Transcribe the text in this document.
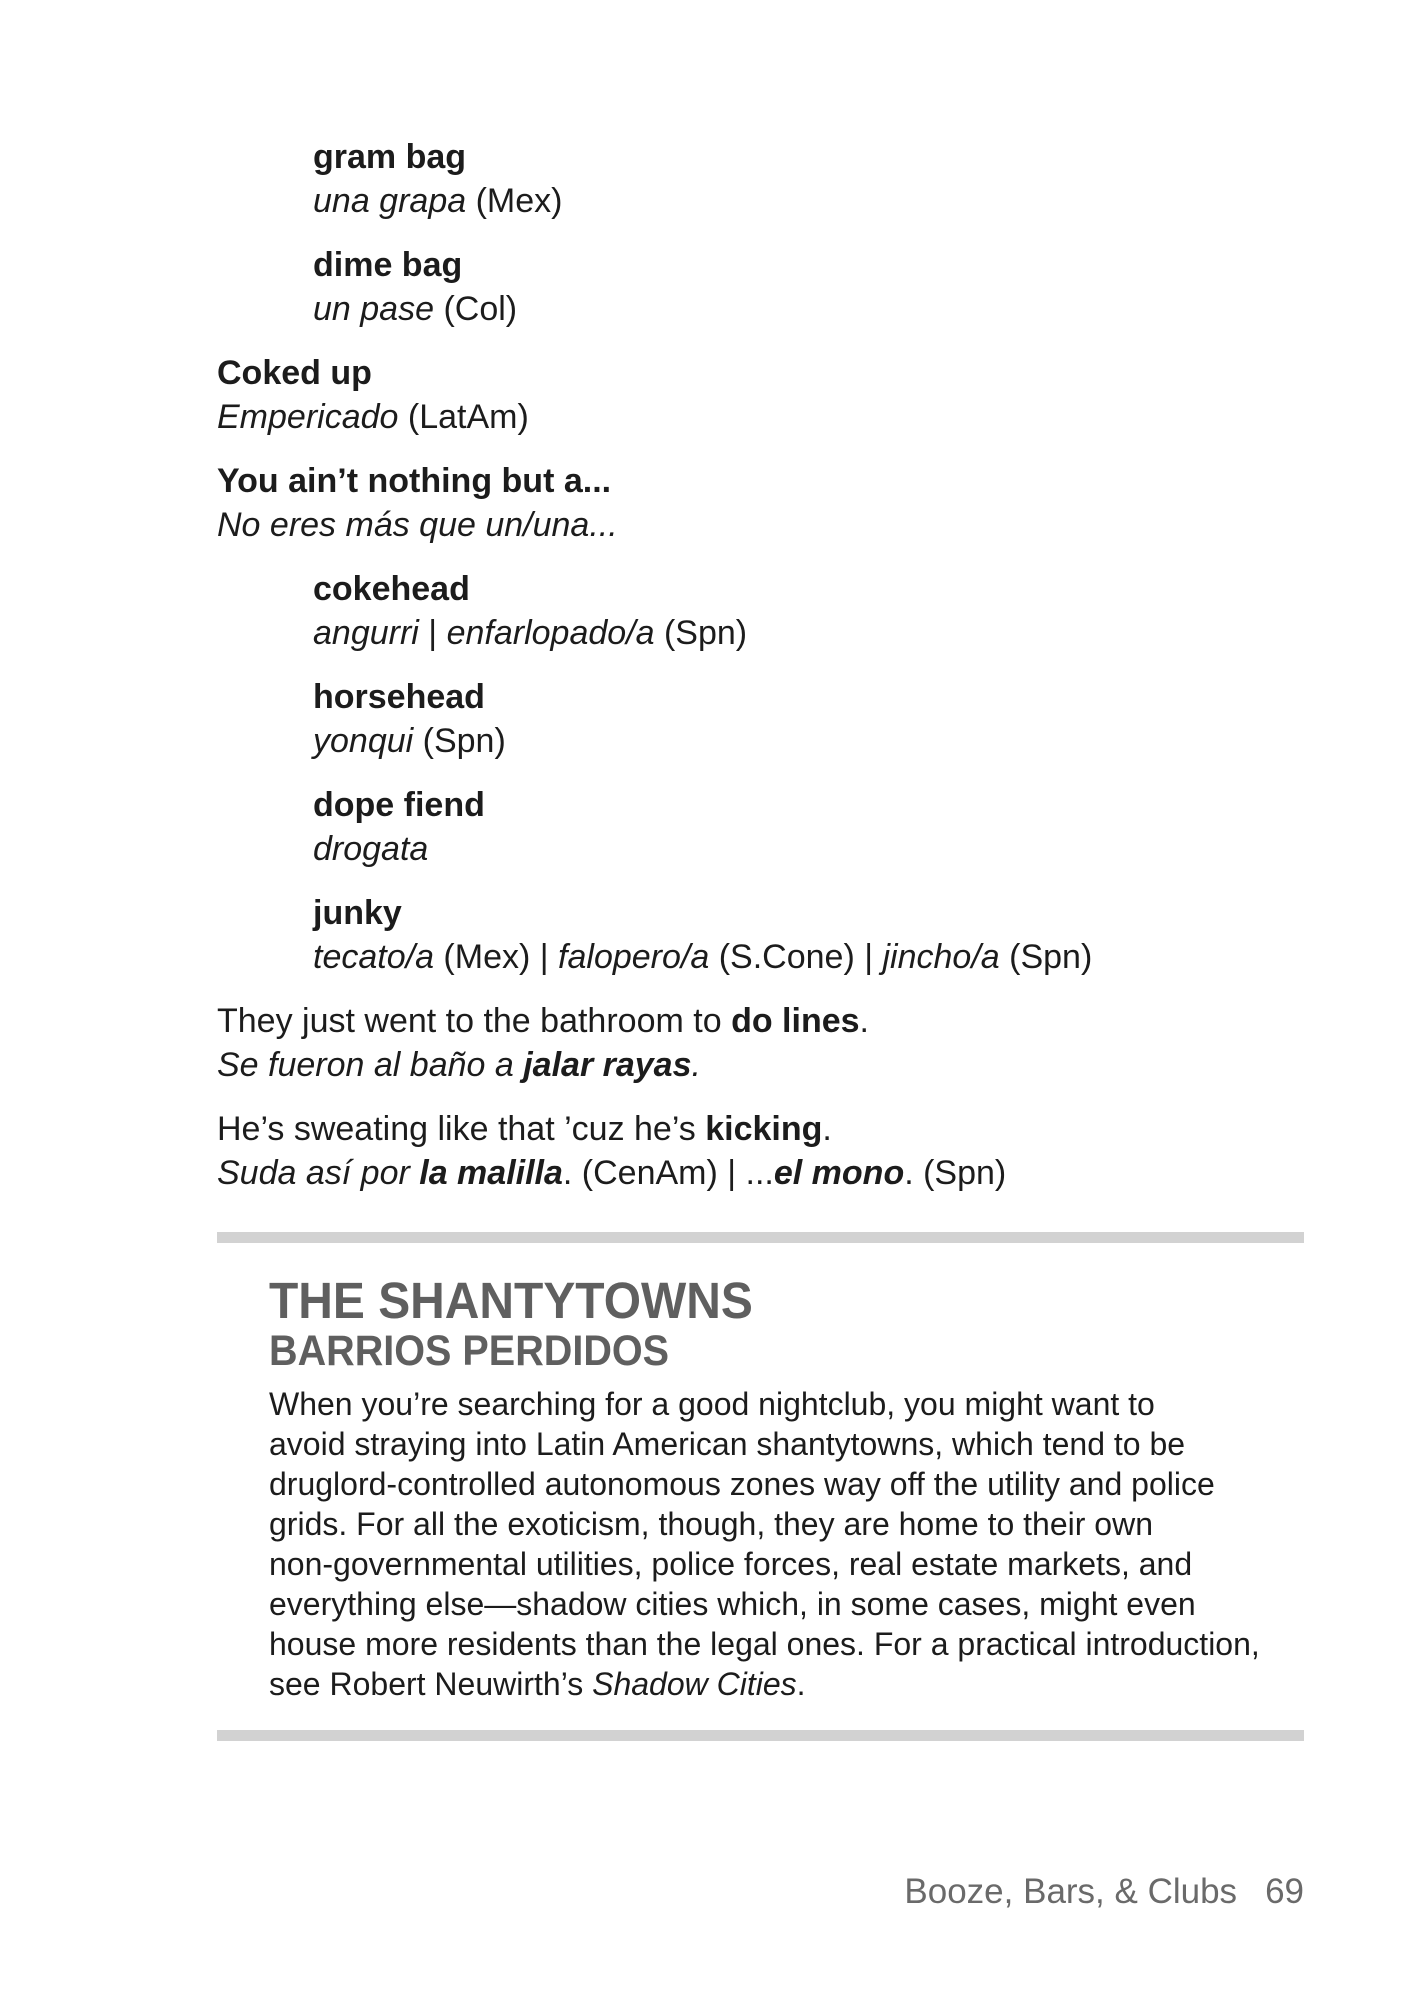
gram bag
una grapa (Mex)
dime bag
un pase (Col)
Coked up
Empericado (LatAm)
You ain’t nothing but a...
No eres más que un/una...
cokehead
angurri | enfarlopado/a (Spn)
horsehead
yonqui (Spn)
dope fiend
drogata
junky
tecato/a (Mex) | falopero/a (S.Cone) | jincho/a (Spn)
They just went to the bathroom to do lines.
Se fueron al baño a jalar rayas.
He’s sweating like that ’cuz he’s kicking.
Suda así por la malilla. (CenAm) | ...el mono. (Spn)
THE SHANTYTOWNS
BARRIOS PERDIDOS
When you’re searching for a good nightclub, you might want to
avoid straying into Latin American shantytowns, which tend to be
druglord-controlled autonomous zones way off the utility and police
grids. For all the exoticism, though, they are home to their own
non-governmental utilities, police forces, real estate markets, and
everything else—shadow cities which, in some cases, might even
house more residents than the legal ones. For a practical introduction,
see Robert Neuwirth’s Shadow Cities.
Booze, Bars, & Clubs 69
